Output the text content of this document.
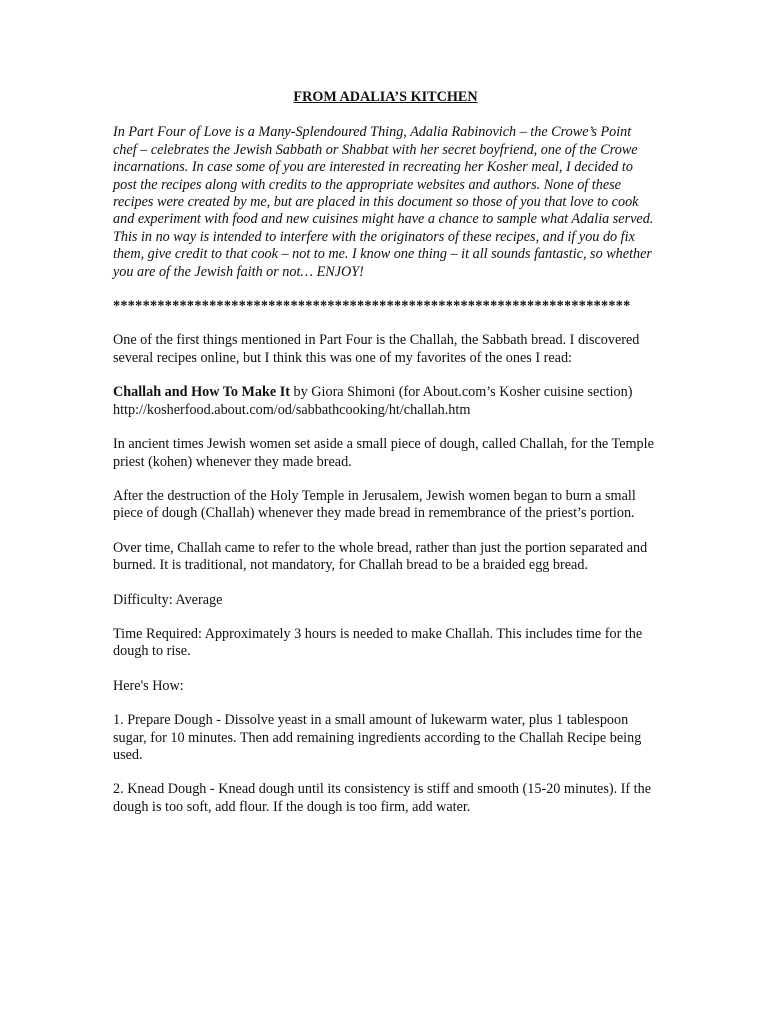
FROM ADALIA’S KITCHEN

In Part Four of Love is a Many-Splendoured Thing, Adalia Rabinovich – the Crowe’s Point chef – celebrates the Jewish Sabbath or Shabbat with her secret boyfriend, one of the Crowe incarnations. In case some of you are interested in recreating her Kosher meal, I decided to post the recipes along with credits to the appropriate websites and authors. None of these recipes were created by me, but are placed in this document so those of you that love to cook and experiment with food and new cuisines might have a chance to sample what Adalia served. This in no way is intended to interfere with the originators of these recipes, and if you do fix them, give credit to that cook – not to me. I know one thing – it all sounds fantastic, so whether you are of the Jewish faith or not… ENJOY!

**********************************************************************

One of the first things mentioned in Part Four is the Challah, the Sabbath bread. I discovered several recipes online, but I think this was one of my favorites of the ones I read:

Challah and How To Make It by Giora Shimoni (for About.com’s Kosher cuisine section) http://kosherfood.about.com/od/sabbathcooking/ht/challah.htm

In ancient times Jewish women set aside a small piece of dough, called Challah, for the Temple priest (kohen) whenever they made bread.

After the destruction of the Holy Temple in Jerusalem, Jewish women began to burn a small piece of dough (Challah) whenever they made bread in remembrance of the priest’s portion.

Over time, Challah came to refer to the whole bread, rather than just the portion separated and burned. It is traditional, not mandatory, for Challah bread to be a braided egg bread.

Difficulty: Average

Time Required: Approximately 3 hours is needed to make Challah. This includes time for the dough to rise.

Here's How:

1. Prepare Dough - Dissolve yeast in a small amount of lukewarm water, plus 1 tablespoon sugar, for 10 minutes. Then add remaining ingredients according to the Challah Recipe being used.

2. Knead Dough - Knead dough until its consistency is stiff and smooth (15-20 minutes). If the dough is too soft, add flour. If the dough is too firm, add water.
